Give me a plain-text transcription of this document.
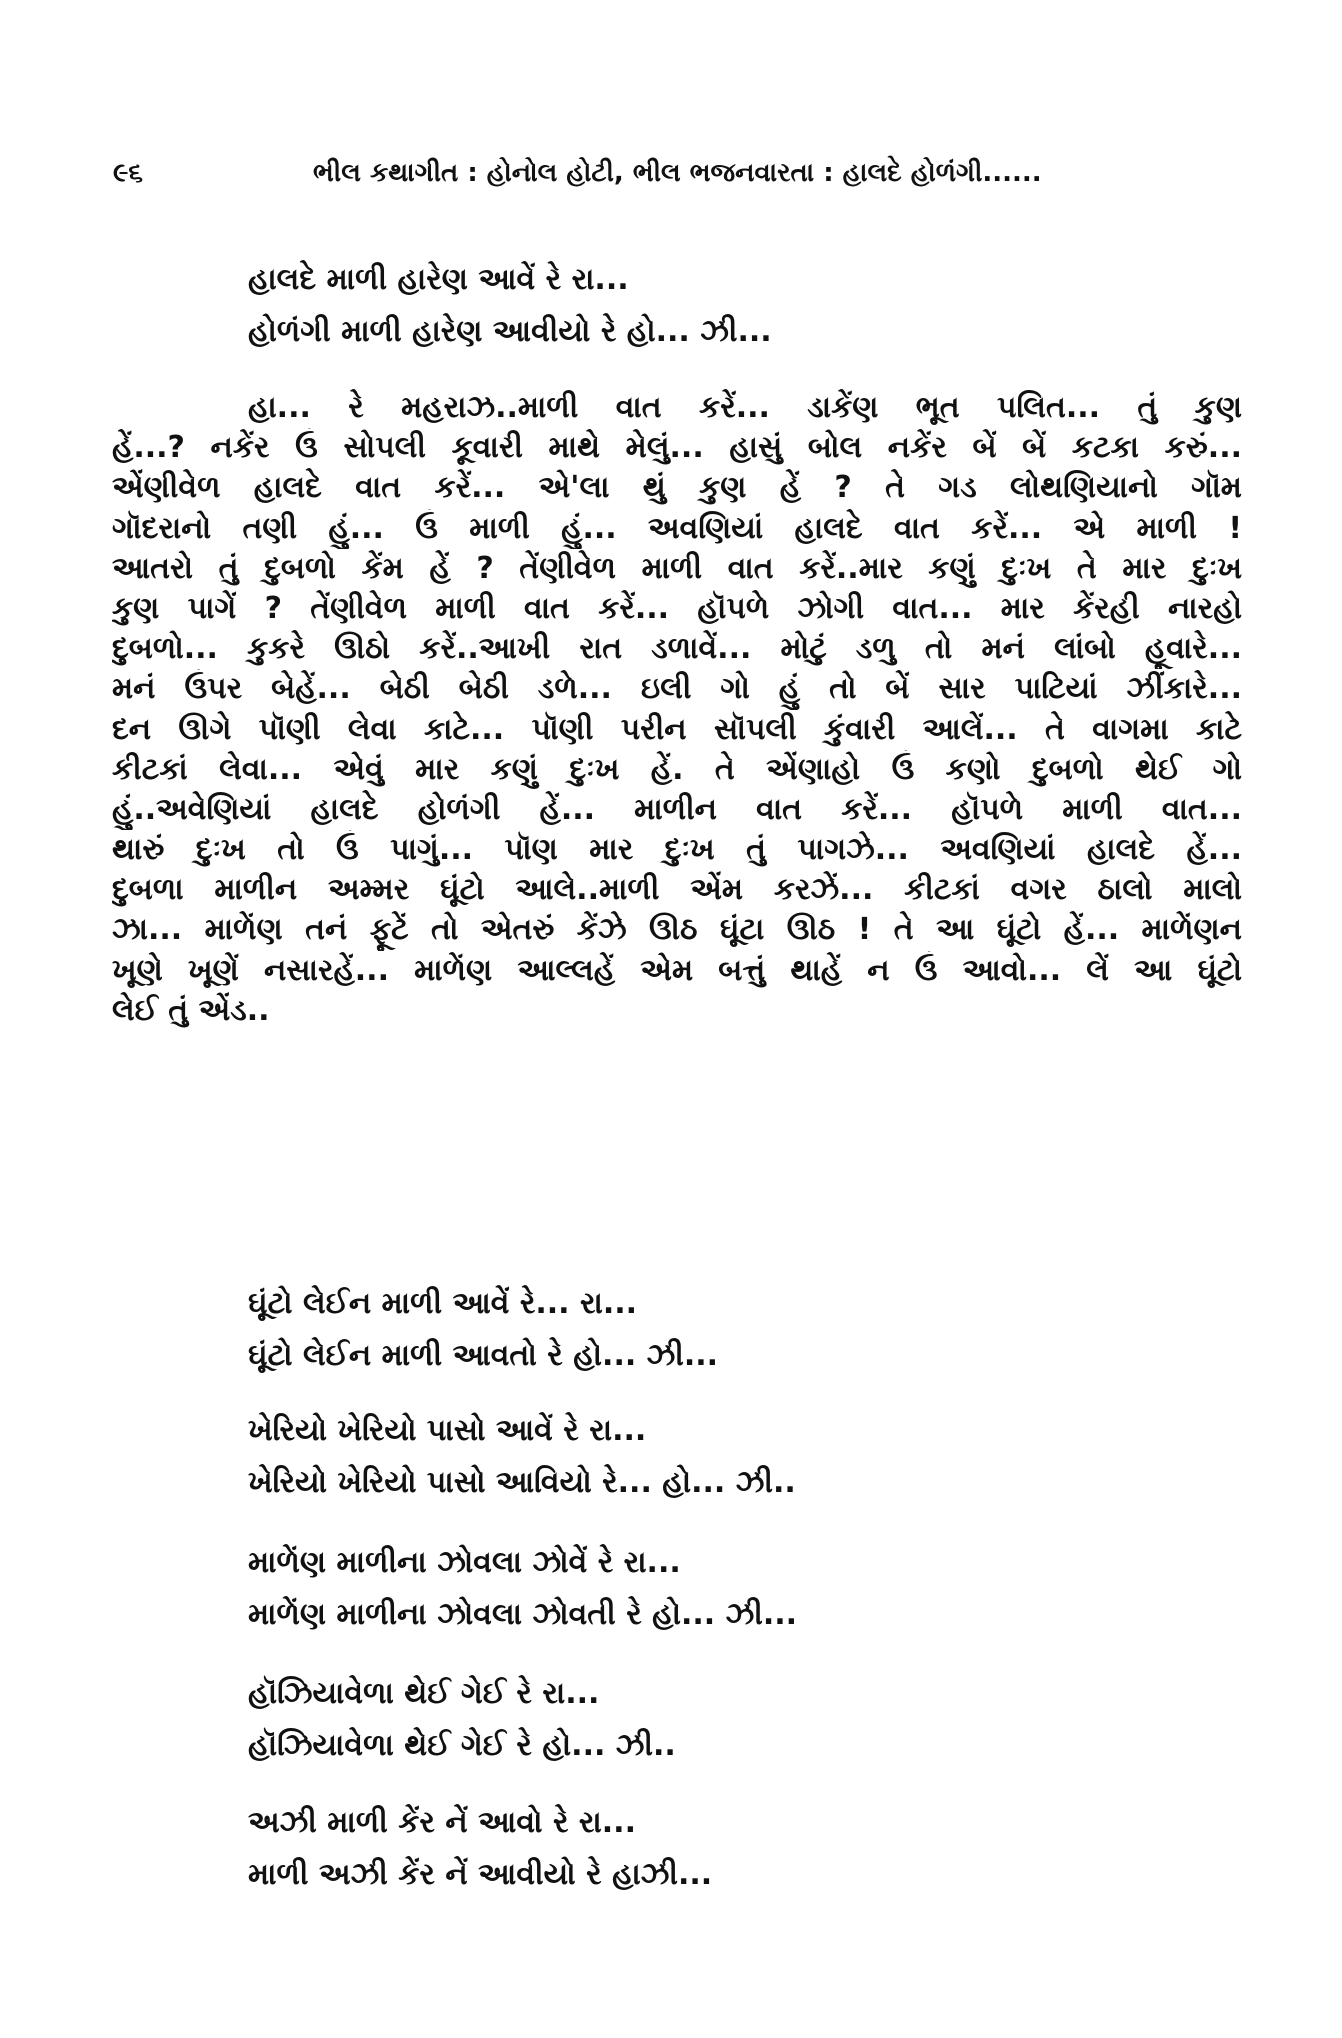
૯૬	ભીલ કથાગીત : હોનોલ હોટી, ભીલ ભજનવારતા : હાલદે હોળંગી......
હાલદે માળી હારેણ આવેં રે રા...
હોળંગી માળી હારેણ આવીયો રે હો... ઝી...
હા... રે મહરાઝ..માળી વાત કરેં... ડાકેંણ ભૂત પલિત... તું કુણ
હેં...? નકેંર ઉં સોપલી કૂવારી માથે મેલું... હાસું બોલ નકેંર બેં બેં કટકા કરું...
એંણીવેળ હાલદે વાત કરેં... એ'લા થું કુણ હેં ? તે ગડ લોથણિયાનો ગૉમ
ગૉદરાનો તણી હું... ઉં માળી હું... અવણિયાં હાલદે વાત કરેં... એ માળી !
આતરો તું દુબળો કેંમ હેં ? તેંણીવેળ માળી વાત કરેં..માર કણું દુઃખ તે માર દુઃખ
કુણ પાગેં ? તેંણીવેળ માળી વાત કરેં... હૉપળે ઝોગી વાત... માર કેંરહી નારહો
દુબળો... કુકરે ઊઠો કરેં..આખી રાત ડળાવેં... મોટું ડળુ તો મનં લાંબો હૂવારે...
મનં ઉંપર બેહેં... બેઠી બેઠી ડળે... ઇલી ગો હું તો બેં સાર પાટિયાં ઝીંકારે...
દન ઊગે પૉણી લેવા કાટે... પૉણી પરીન સૉપલી કુંવારી આલેં... તે વાગમા કાટે
કીટકાં લેવા... એવું માર કણું દુઃખ હેં. તે એંણાહો ઉં કણો દુબળો થેઈ ગો
હું..અવેણિયાં હાલદે હોળંગી હેં... માળીન વાત કરેં... હૉપળે માળી વાત...
થારું દુઃખ તો ઉં પાગું... પૉણ માર દુઃખ તું પાગઝે... અવણિયાં હાલદે હેં...
દુબળા માળીન અમ્મર ઘૂંટો આલે..માળી એંમ કરઝેં... કીટકાં વગર ઠાલો માલો
ઝા... માળેંણ તનં ફૂટેં તો એતરું કેંઝે ઊઠ ઘૂંટા ઊઠ ! તે આ ઘૂંટો હેં... માળેંણન
ખૂણે ખૂણેં નસારહેં... માળેંણ આલ્લહેં એમ બત્તું થાહેં ન ઉં આવો... લેં આ ઘૂંટો
લેઈ તું એંડ..
ઘૂંટો લેઈન માળી આવેં રે... રા...
ઘૂંટો લેઈન માળી આવતો રે હો... ઝી...
ખેરિયો ખેરિયો પાસો આવેં રે રા...
ખેરિયો ખેરિયો પાસો આવિયો રે... હો... ઝી..
માળેંણ માળીના ઝોવલા ઝોવેં રે રા...
માળેંણ માળીના ઝોવલા ઝોવતી રે હો... ઝી...
હૉઝિયાવેળા થેઈ ગેઈ રે રા...
હૉઝિયાવેળા થેઈ ગેઈ રે હો... ઝી..
અઝી માળી કેંર નેં આવો રે રા...
માળી અઝી કેંર નેં આવીયો રે હાઝી...
